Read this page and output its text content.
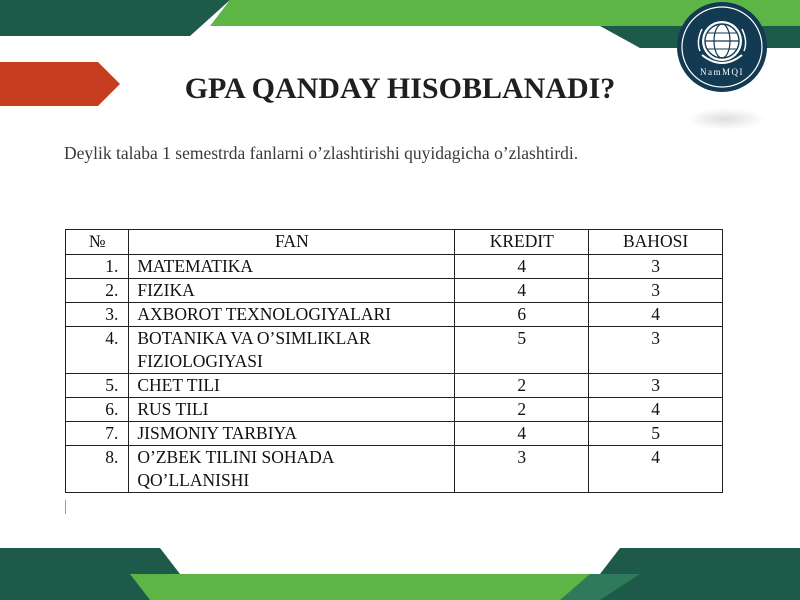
NamMQI
GPA QANDAY HISOBLANADI?

Deylik talaba 1 semestrda fanlarni o’zlashtirishi quyidagicha o’zlashtirdi.

№	FAN	KREDIT	BAHOSI
1.	MATEMATIKA	4	3
2.	FIZIKA	4	3
3.	AXBOROT TEXNOLOGIYALARI	6	4
4.	BOTANIKA VA O’SIMLIKLAR FIZIOLOGIYASI	5	3
5.	CHET TILI	2	3
6.	RUS TILI	2	4
7.	JISMONIY TARBIYA	4	5
8.	O’ZBEK TILINI SOHADA QO’LLANISHI	3	4
